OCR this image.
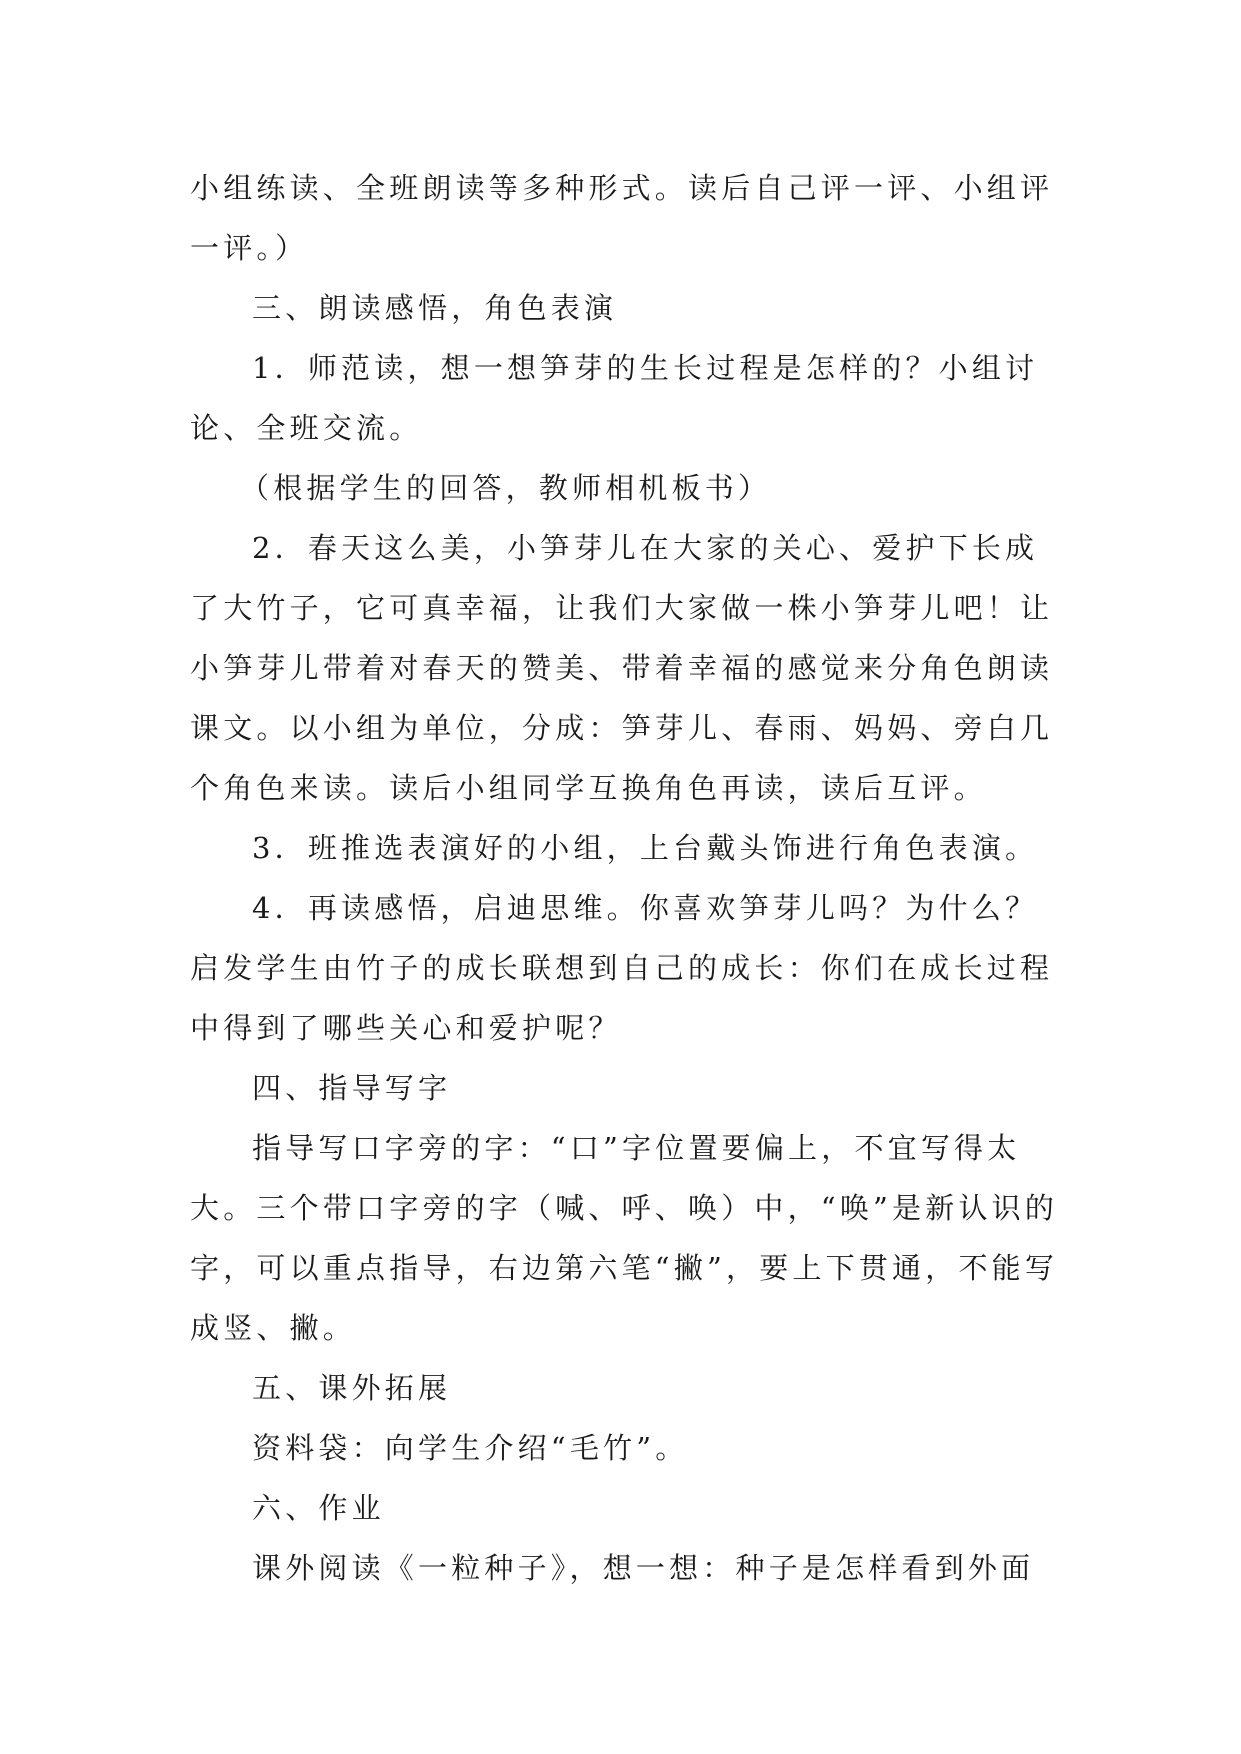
小组练读、全班朗读等多种形式。读后自己评一评、小组评一评。）

三、朗读感悟，角色表演

1．师范读，想一想笋芽的生长过程是怎样的？小组讨论、全班交流。

（根据学生的回答，教师相机板书）

2．春天这么美，小笋芽儿在大家的关心、爱护下长成了大竹子，它可真幸福，让我们大家做一株小笋芽儿吧！让小笋芽儿带着对春天的赞美、带着幸福的感觉来分角色朗读课文。以小组为单位，分成：笋芽儿、春雨、妈妈、旁白几个角色来读。读后小组同学互换角色再读，读后互评。

3．班推选表演好的小组，上台戴头饰进行角色表演。

4．再读感悟，启迪思维。你喜欢笋芽儿吗？为什么？启发学生由竹子的成长联想到自己的成长：你们在成长过程中得到了哪些关心和爱护呢？

四、指导写字

指导写口字旁的字：“口”字位置要偏上，不宜写得太大。三个带口字旁的字（喊、呼、唤）中，“唤”是新认识的字，可以重点指导，右边第六笔“撇”，要上下贯通，不能写成竖、撇。

五、课外拓展

资料袋：向学生介绍“毛竹”。

六、作业

课外阅读《一粒种子》，想一想：种子是怎样看到外面
